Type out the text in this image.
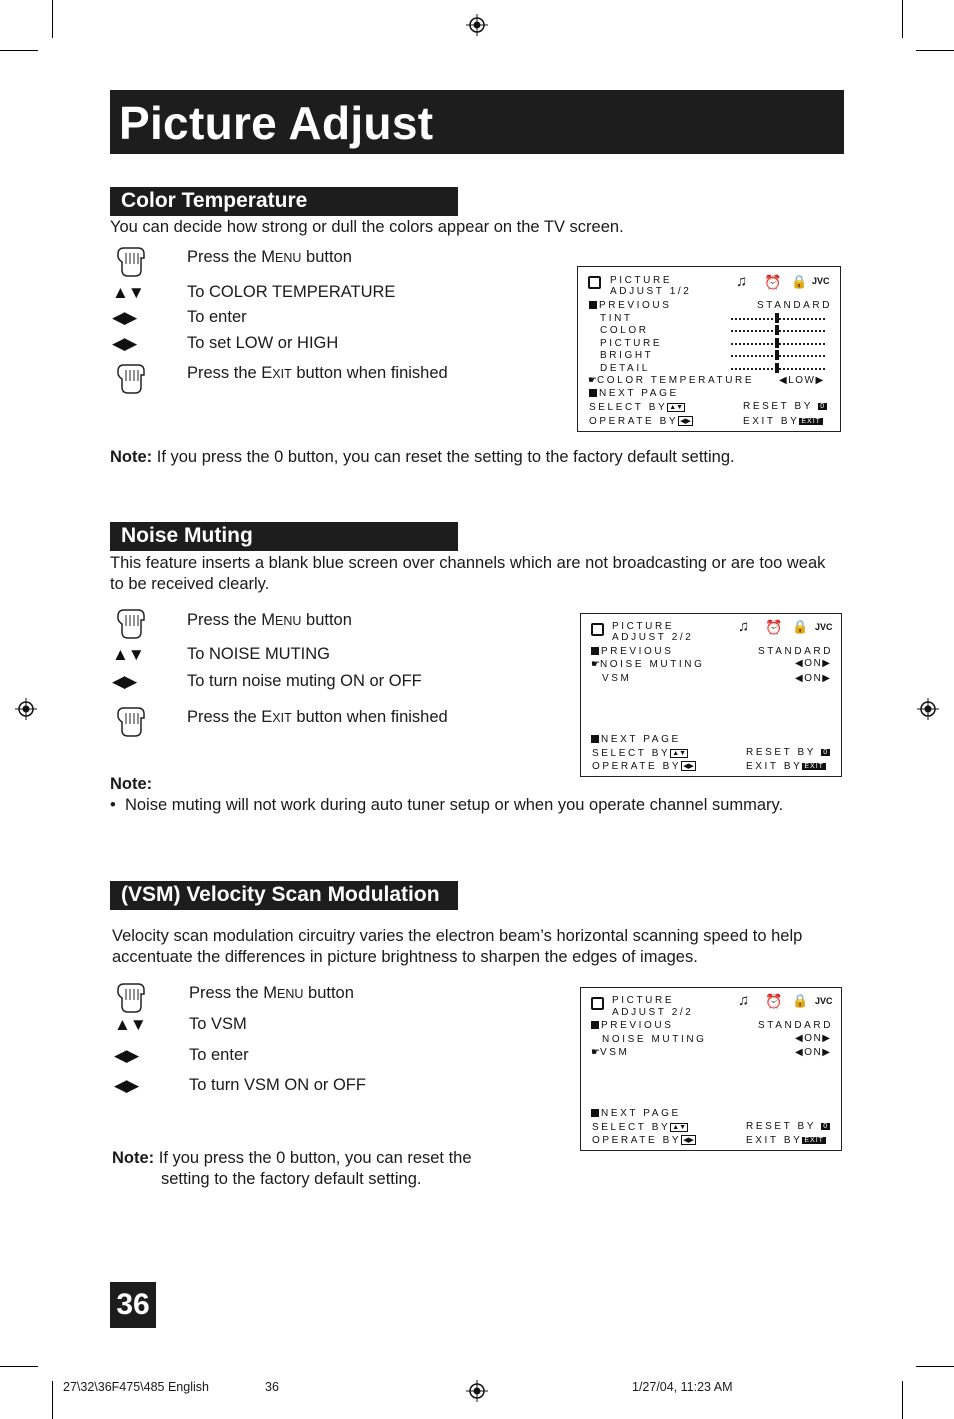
Picture Adjust
Color Temperature
You can decide how strong or dull the colors appear on the TV screen.
Press the MENU button
▲▼	To COLOR TEMPERATURE
◀▶	To enter
◀▶	To set LOW or HIGH
Press the EXIT button when finished
PICTURE
ADJUST 1/2
♫ ⏰ 🔒 JVC
PREVIOUS	STANDARD
TINT
COLOR
PICTURE
BRIGHT
DETAIL
☛COLOR TEMPERATURE ◀LOW▶
NEXT PAGE
SELECT BY ▲▼	RESET BY 0
OPERATE BY ◀▶	EXIT BY EXIT
Note: If you press the 0 button, you can reset the setting to the factory default setting.
Noise Muting
This feature inserts a blank blue screen over channels which are not broadcasting or are too weak to be received clearly.
Press the MENU button
▲▼	To NOISE MUTING
◀▶	To turn noise muting ON or OFF
Press the EXIT button when finished
PICTURE
ADJUST 2/2
♫ ⏰ 🔒 JVC
PREVIOUS	STANDARD
☛NOISE MUTING	◀ON▶
VSM	◀ON▶
NEXT PAGE
SELECT BY ▲▼	RESET BY 0
OPERATE BY ◀▶	EXIT BY EXIT
Note:
•  Noise muting will not work during auto tuner setup or when you operate channel summary.
(VSM) Velocity Scan Modulation
Velocity scan modulation circuitry varies the electron beam’s horizontal scanning speed to help accentuate the differences in picture brightness to sharpen the edges of images.
Press the MENU button
▲▼	To VSM
◀▶	To enter
◀▶	To turn VSM ON or OFF
PICTURE
ADJUST 2/2
♫ ⏰ 🔒 JVC
PREVIOUS	STANDARD
NOISE MUTING	◀ON▶
☛VSM	◀ON▶
NEXT PAGE
SELECT BY ▲▼	RESET BY 0
OPERATE BY ◀▶	EXIT BY EXIT
Note: If you press the 0 button, you can reset the
setting to the factory default setting.
36
27\32\36F475\485 English	36	1/27/04, 11:23 AM
